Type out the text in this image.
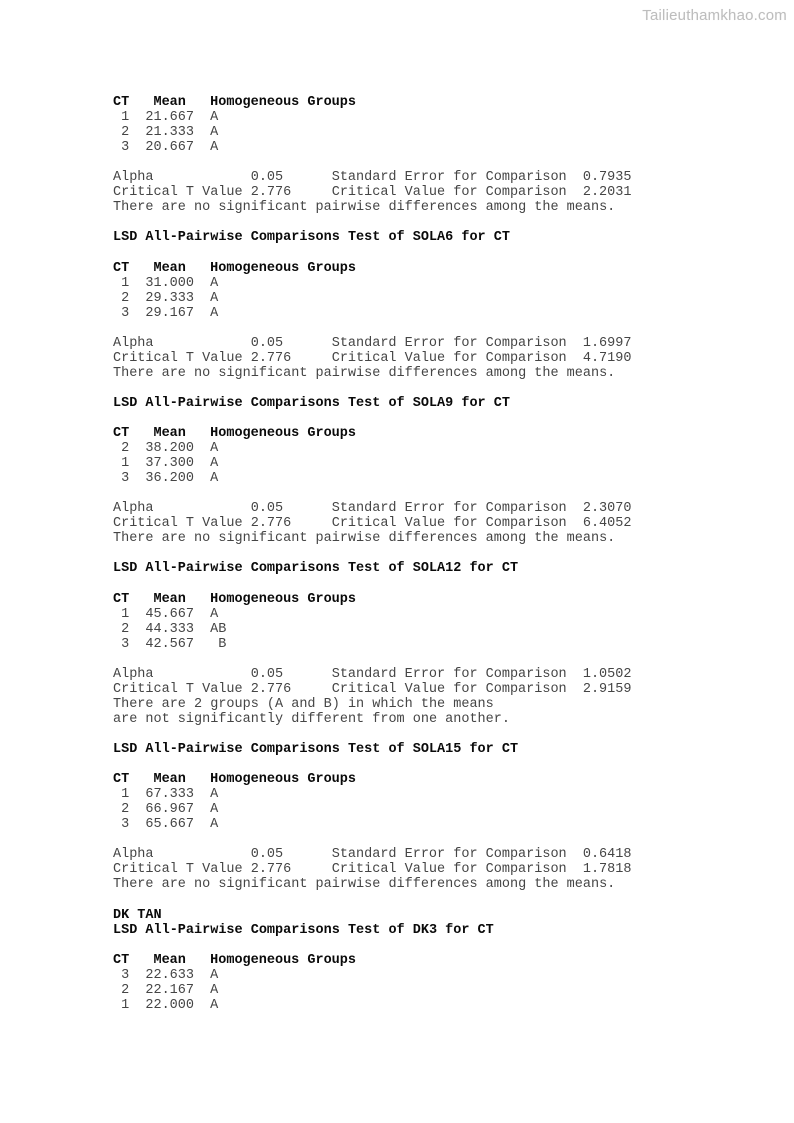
Tailieuthamkhao.com
CT Mean Homogeneous Groups
1 21.667 A
2 21.333 A
3 20.667 A
Alpha	0.05	Standard Error for Comparison 0.7935
Critical T Value 2.776	Critical Value for Comparison 2.2031
There are no significant pairwise differences among the means.
LSD All-Pairwise Comparisons Test of SOLA6 for CT
CT Mean Homogeneous Groups
1 31.000 A
2 29.333 A
3 29.167 A
Alpha	0.05	Standard Error for Comparison 1.6997
Critical T Value 2.776	Critical Value for Comparison 4.7190
There are no significant pairwise differences among the means.
LSD All-Pairwise Comparisons Test of SOLA9 for CT
CT Mean Homogeneous Groups
2 38.200 A
1 37.300 A
3 36.200 A
Alpha	0.05	Standard Error for Comparison 2.3070
Critical T Value 2.776	Critical Value for Comparison 6.4052
There are no significant pairwise differences among the means.
LSD All-Pairwise Comparisons Test of SOLA12 for CT
CT Mean Homogeneous Groups
1 45.667 A
2 44.333 AB
3 42.567 B
Alpha	0.05	Standard Error for Comparison 1.0502
Critical T Value 2.776	Critical Value for Comparison 2.9159
There are 2 groups (A and B) in which the means
are not significantly different from one another.
LSD All-Pairwise Comparisons Test of SOLA15 for CT
CT Mean Homogeneous Groups
1 67.333 A
2 66.967 A
3 65.667 A
Alpha	0.05	Standard Error for Comparison 0.6418
Critical T Value 2.776	Critical Value for Comparison 1.7818
There are no significant pairwise differences among the means.
DK TAN
LSD All-Pairwise Comparisons Test of DK3 for CT
CT Mean Homogeneous Groups
3 22.633 A
2 22.167 A
1 22.000 A
